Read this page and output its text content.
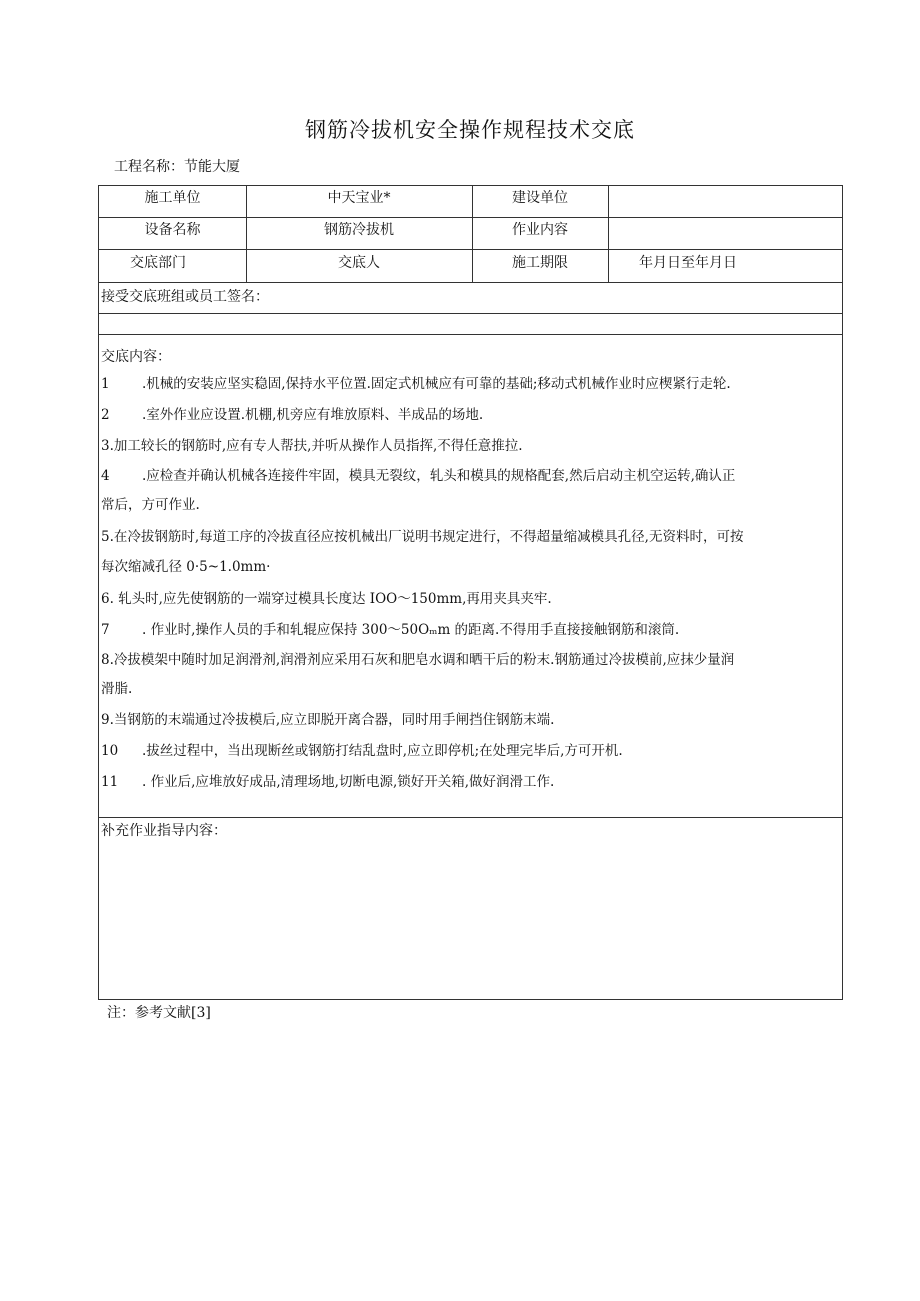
钢筋冷拔机安全操作规程技术交底
工程名称：节能大厦
施工单位	中天宝业*	建设单位
设备名称	钢筋冷拔机	作业内容
交底部门	交底人	施工期限	年月日至年月日
接受交底班组或员工签名：
交底内容：
1 .机械的安装应坚实稳固,保持水平位置.固定式机械应有可靠的基础;移动式机械作业时应楔紧行走轮.
2 .室外作业应设置.机棚,机旁应有堆放原料、半成品的场地.
3.加工较长的钢筋时,应有专人帮扶,并听从操作人员指挥,不得任意推拉.
4 .应检查并确认机械各连接件牢固，模具无裂纹，轧头和模具的规格配套,然后启动主机空运转,确认正
常后，方可作业.
5.在冷拔钢筋时,每道工序的冷拔直径应按机械出厂说明书规定进行，不得超量缩减模具孔径,无资料时，可按
每次缩减孔径 0·5~1.0mm·
6. 轧头时,应先使钢筋的一端穿过模具长度达 IOO～150mm,再用夹具夹牢.
7 . 作业时,操作人员的手和轧辊应保持 300～50Oₘm 的距离.不得用手直接接触钢筋和滚筒.
8.冷拔模架中随时加足润滑剂,润滑剂应采用石灰和肥皂水调和晒干后的粉末.钢筋通过冷拔模前,应抹少量润
滑脂.
9.当钢筋的末端通过冷拔模后,应立即脱开离合器，同时用手闸挡住钢筋末端.
10 .拔丝过程中，当出现断丝或钢筋打结乱盘时,应立即停机;在处理完毕后,方可开机.
11 . 作业后,应堆放好成品,清理场地,切断电源,锁好开关箱,做好润滑工作.
补充作业指导内容：
注：参考文献[3]
